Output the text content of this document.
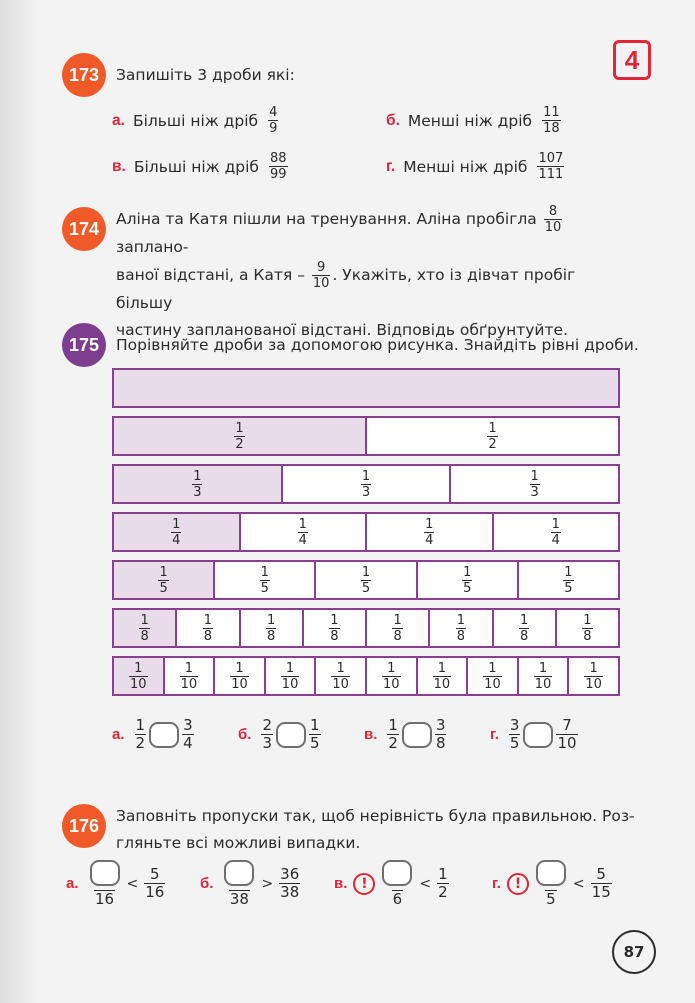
4
173	Запишіть 3 дроби які:
а. Більші ніж дріб $\frac{4}{9}$	б. Менші ніж дріб $\frac{11}{18}$
в. Більші ніж дріб $\frac{88}{99}$	г. Менші ніж дріб $\frac{107}{111}$
174	Аліна та Катя пішли на тренування. Аліна пробігла $\frac{8}{10}$
заплано-
ваної відстані, а Катя – $\frac{9}{10}$ . Укажіть, хто із дівчат пробіг більшу
частину запланованої відстані. Відповідь обґрунтуйте.
175	Порівняйте дроби за допомогою рисунка. Знайдіть рівні дроби.
$\frac{1}{2}$	$\frac{1}{2}$
$\frac{1}{3}$	$\frac{1}{3}$	$\frac{1}{3}$
$\frac{1}{4}$	$\frac{1}{4}$	$\frac{1}{4}$	$\frac{1}{4}$
$\frac{1}{5}$	$\frac{1}{5}$	$\frac{1}{5}$	$\frac{1}{5}$	$\frac{1}{5}$
$\frac{1}{8}$	$\frac{1}{8}$	$\frac{1}{8}$	$\frac{1}{8}$	$\frac{1}{8}$	$\frac{1}{8}$	$\frac{1}{8}$	$\frac{1}{8}$
$\frac{1}{10} \frac{1}{10} \frac{1}{10} \frac{1}{10} \frac{1}{10} \frac{1}{10} \frac{1}{10} \frac{1}{10} \frac{1}{10} \frac{1}{10}$
а. $\frac{1}{2} \frac{3}{4}$	б. $\frac{2}{3} \frac{1}{5}$	в. $\frac{1}{2} \frac{3}{8}$	г. $\frac{3}{5} \frac{7}{10}$
176	Заповніть пропуски так, щоб нерівність була правильною. Роз-
гляньте всі можливі випадки.
а.
16
< $\frac{5}{16} б$.
38
> $\frac{36}{38} в$. !
6
< $\frac{1}{2}$	г. !
5
< $\frac{5}{15}$
87
